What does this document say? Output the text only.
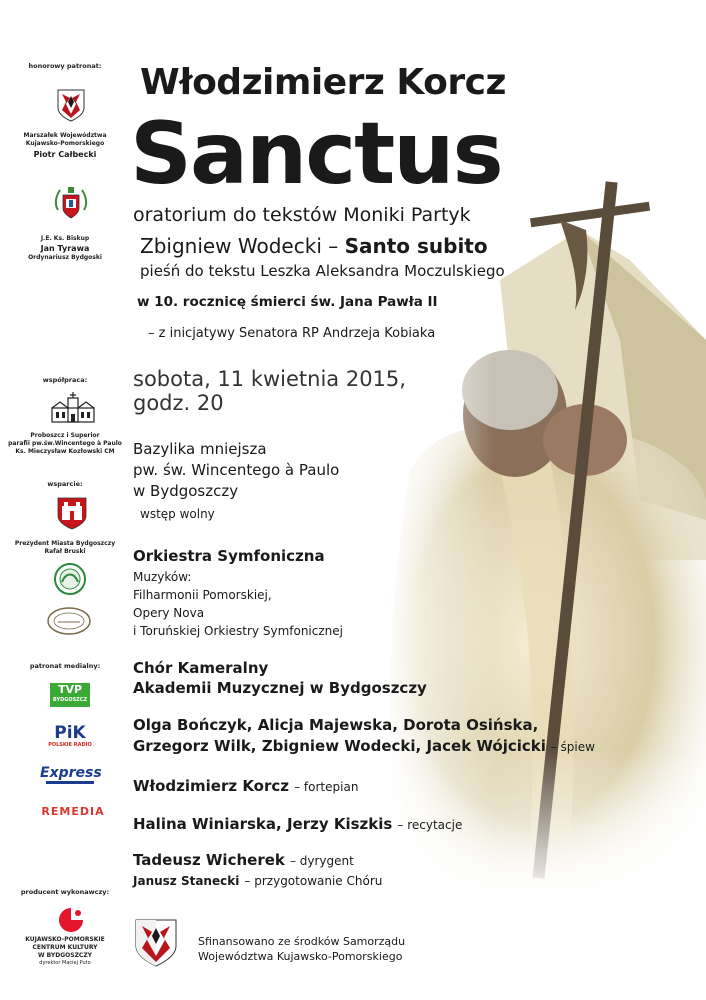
honorowy patronat:
Marszałek Województwa
Kujawsko-Pomorskiego
Piotr Całbecki
J.E. Ks. Biskup
Jan Tyrawa
Ordynariusz Bydgoski
współpraca:
Proboszcz i Superior
parafii pw.św.Wincentego à Paulo
Ks. Mieczysław Kozłowski CM
wsparcie:
Prezydent Miasta Bydgoszczy
Rafał Bruski
patronat medialny:
TVP
BYDGOSZCZ
PiK
POLSKIE RADIO
Express
REMEDIA
producent wykonawczy:
KUJAWSKO-POMORSKIE
CENTRUM KULTURY
W BYDGOSZCZY
dyrektor Maciej Puto
Włodzimierz Korcz
Sanctus
oratorium do tekstów Moniki Partyk
Zbigniew Wodecki – Santo subito
pieśń do tekstu Leszka Aleksandra Moczulskiego
w 10. rocznicę śmierci św. Jana Pawła II
– z inicjatywy Senatora RP Andrzeja Kobiaka
sobota, 11 kwietnia 2015,
godz. 20
Bazylika mniejsza
pw. św. Wincentego à Paulo
w Bydgoszczy
wstęp wolny
Orkiestra Symfoniczna
Muzyków:
Filharmonii Pomorskiej,
Opery Nova
i Toruńskiej Orkiestry Symfonicznej
Chór Kameralny
Akademii Muzycznej w Bydgoszczy
Olga Bończyk, Alicja Majewska, Dorota Osińska,
Grzegorz Wilk, Zbigniew Wodecki, Jacek Wójcicki – śpiew
Włodzimierz Korcz – fortepian
Halina Winiarska, Jerzy Kiszkis – recytacje
Tadeusz Wicherek – dyrygent
Janusz Stanecki – przygotowanie Chóru
Sfinansowano ze środków Samorządu
Województwa Kujawsko-Pomorskiego
